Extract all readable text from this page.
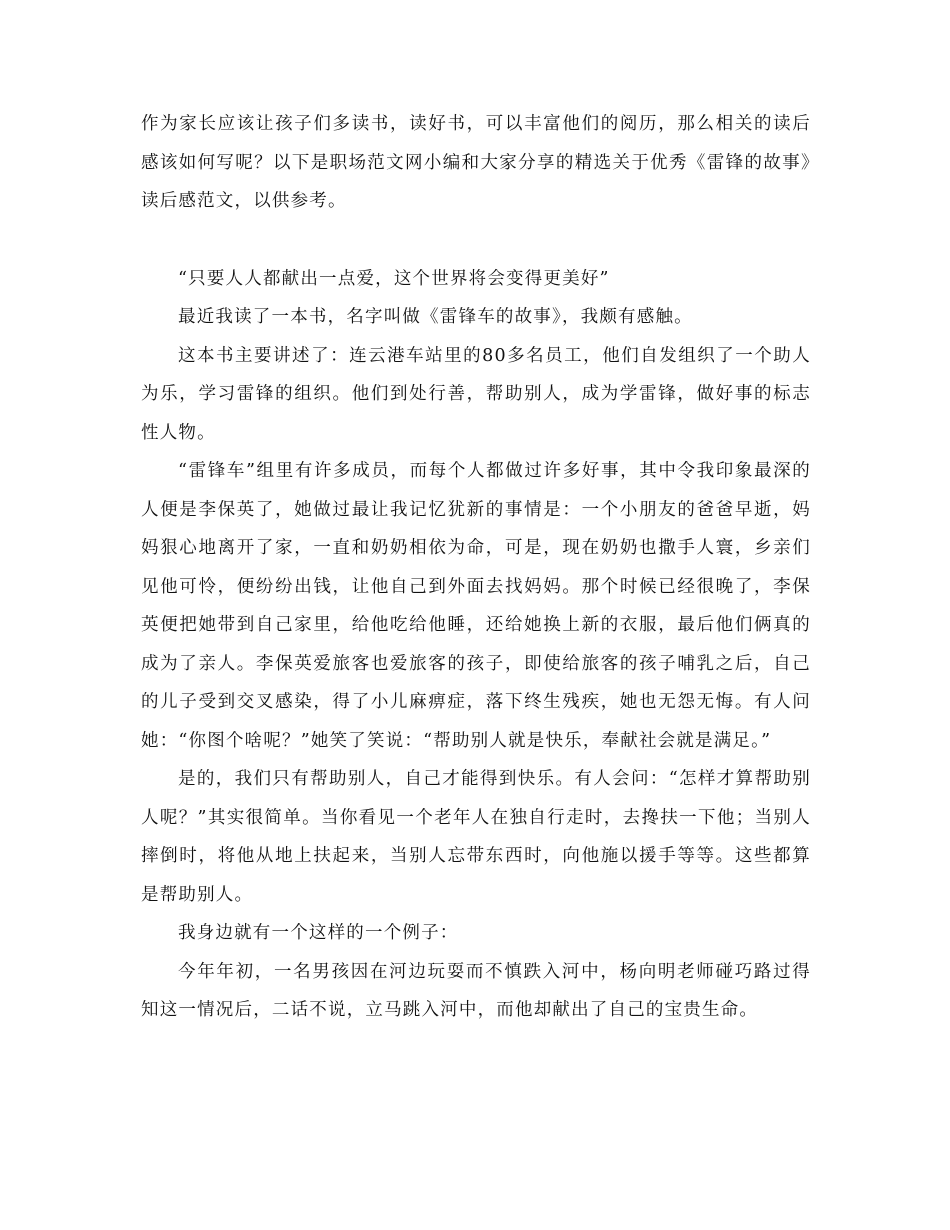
作为家长应该让孩子们多读书，读好书，可以丰富他们的阅历，那么相关的读后感该如何写呢？以下是职场范文网小编和大家分享的精选关于优秀《雷锋的故事》读后感范文，以供参考。

“只要人人都献出一点爱，这个世界将会变得更美好”

最近我读了一本书，名字叫做《雷锋车的故事》，我颇有感触。

这本书主要讲述了：连云港车站里的80多名员工，他们自发组织了一个助人为乐，学习雷锋的组织。他们到处行善，帮助别人，成为学雷锋，做好事的标志性人物。

“雷锋车”组里有许多成员，而每个人都做过许多好事，其中令我印象最深的人便是李保英了，她做过最让我记忆犹新的事情是：一个小朋友的爸爸早逝，妈妈狠心地离开了家，一直和奶奶相依为命，可是，现在奶奶也撒手人寰，乡亲们见他可怜，便纷纷出钱，让他自己到外面去找妈妈。那个时候已经很晚了，李保英便把她带到自己家里，给他吃给他睡，还给她换上新的衣服，最后他们俩真的成为了亲人。李保英爱旅客也爱旅客的孩子，即使给旅客的孩子哺乳之后，自己的儿子受到交叉感染，得了小儿麻痹症，落下终生残疾，她也无怨无悔。有人问她：“你图个啥呢？”她笑了笑说：“帮助别人就是快乐，奉献社会就是满足。”

是的，我们只有帮助别人，自己才能得到快乐。有人会问：“怎样才算帮助别人呢？”其实很简单。当你看见一个老年人在独自行走时，去搀扶一下他；当别人摔倒时，将他从地上扶起来，当别人忘带东西时，向他施以援手等等。这些都算是帮助别人。

我身边就有一个这样的一个例子：

今年年初，一名男孩因在河边玩耍而不慎跌入河中，杨向明老师碰巧路过得知这一情况后，二话不说，立马跳入河中，而他却献出了自己的宝贵生命。
